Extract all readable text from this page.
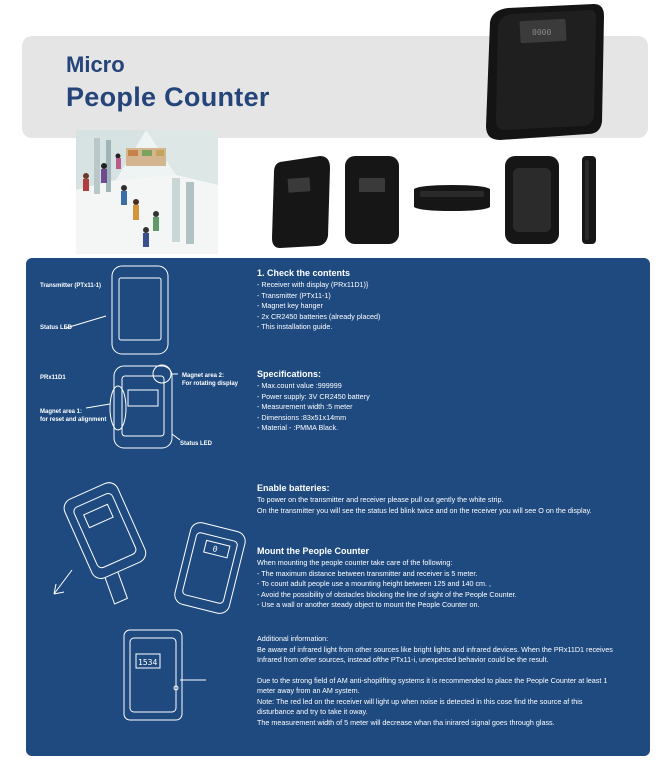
Micro
People Counter
0000
0
1534
Transmitter (PTx11-1)
Status LED
PRx11D1	Magnet area 2:
For rotating display
Magnet area 1:
for reset and alignment
Status LED
1. Check the contents
- Receiver with display (PRx11D1)}
- Transmitter (PTx11-1)
- Magnet key hanger
- 2x CR2450 batteries (already placed)
- This installation guide.
Specifications:
- Max.count value :999999
- Power supply: 3V CR2450 battery
- Measurement width :5 meter
- Dimensions :83x51x14mm
- Material - :PMMA Black.
Enable batteries:
To power on the transmitter and receiver please pull out gently the white strip.
On the transmitter you will see the status led blink twice and on the receiver you will see O on the display.
Mount the People Counter
When mounting the people counter take care of the following:
- The maximum distance between transmitter and receiver is 5 meter.
- To count adult people use a mounting height between 125 and 140 cm. ,
- Avoid the possibility of obstacles blocking the line of sight of the People Counter.
- Use a wall or another steady object to mount the People Counter on.
Additional information:
Be aware of infrared light from other sources like bright lights and infrared devices. When the PRx11D1 receives
Infrared from other sources, instead ofthe PTx11-i, unexpected behavior could be the result.
Due to the strong field of AM anti-shoplifting systems it is recommended to place the People Counter at least 1
meter away from an AM system.
Note: The red led on the receiver will light up when noise is detected in this cose find the source af this
disturbance and try to take it oway.
The measurement width of 5 meter will decrease whan tha inirared signal goes through glass.
